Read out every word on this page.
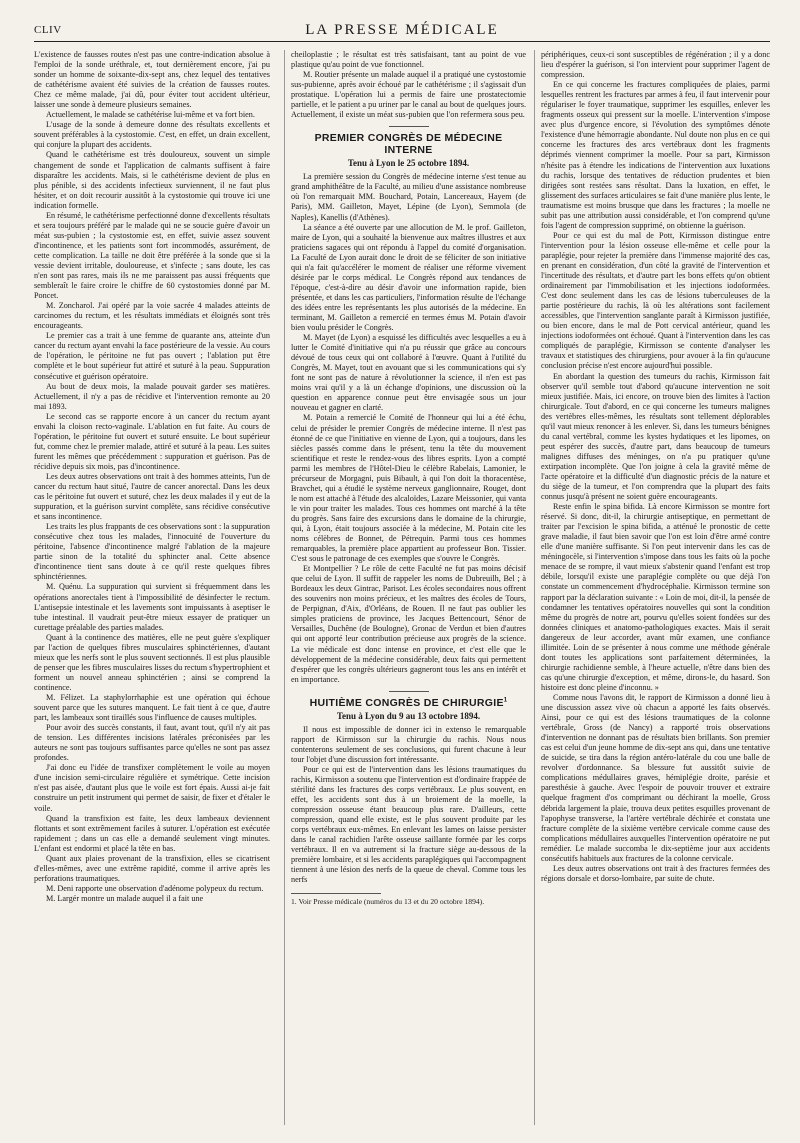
CLIV	LA PRESSE MÉDICALE

L'existence de fausses routes n'est pas une contre-indication absolue à l'emploi de la sonde uréthrale, et, tout dernièrement encore, j'ai pu sonder un homme de soixante-dix-sept ans, chez lequel des tentatives de cathétérisme avaient été suivies de la création de fausses routes. Chez ce même malade, j'ai dû, pour éviter tout accident ultérieur, laisser une sonde à demeure plusieurs semaines.

Actuellement, le malade se cathétérise lui-même et va fort bien.

L'usage de la sonde à demeure donne des résultats excellents et souvent préférables à la cystostomie. C'est, en effet, un drain excellent, qui conjure la plupart des accidents.

Quand le cathétérisme est très douloureux, souvent un simple changement de sonde et l'application de calmants suffisent à faire disparaître les accidents. Mais, si le cathétérisme devient de plus en plus pénible, si des accidents infectieux surviennent, il ne faut plus hésiter, et on doit recourir aussitôt à la cystostomie qui trouve ici une indication formelle.

En résumé, le cathétérisme perfectionné donne d'excellents résultats et sera toujours préféré par le malade qui ne se soucie guère d'avoir un méat sus-pubien ; la cystostomie est, en effet, suivie assez souvent d'incontinence, et les patients sont fort incommodés, assurément, de cette complication. La taille ne doit être préférée à la sonde que si la vessie devient irritable, douloureuse, et s'infecte ; sans doute, les cas n'en sont pas rares, mais ils ne me paraissent pas aussi fréquents que sembleraît le faire croire le chiffre de 60 cystostomies donné par M. Poncet.

M. Zoncharol. J'ai opéré par la voie sacrée 4 malades atteints de carcinomes du rectum, et les résultats immédiats et éloignés sont très encourageants.

Le premier cas a trait à une femme de quarante ans, atteinte d'un cancer du rectum ayant envahi la face postérieure de la vessie. Au cours de l'opération, le péritoine ne fut pas ouvert ; l'ablation put être complète et le bout supérieur fut attiré et suturé à la peau. Suppuration consécutive et guérison opératoire.

Au bout de deux mois, la malade pouvait garder ses matières. Actuellement, il n'y a pas de récidive et l'intervention remonte au 20 mai 1893.

Le second cas se rapporte encore à un cancer du rectum ayant envahi la cloison recto-vaginale. L'ablation en fut faite. Au cours de l'opération, le péritoine fut ouvert et suturé ensuite. Le bout supérieur fut, comme chez le premier malade, attiré et suturé à la peau. Les suites furent les mêmes que précédemment : suppuration et guérison. Pas de récidive depuis six mois, pas d'incontinence.

Les deux autres observations ont trait à des hommes atteints, l'un de cancer du rectum haut situé, l'autre de cancer anorectal. Dans les deux cas le péritoine fut ouvert et suturé, chez les deux malades il y eut de la suppuration, et la guérison survint complète, sans récidive consécutive et sans incontinence.

Les traits les plus frappants de ces observations sont : la suppuration consécutive chez tous les malades, l'innocuité de l'ouverture du péritoine, l'absence d'incontinence malgré l'ablation de la majeure partie sinon de la totalité du sphincter anal. Cette absence d'incontinence tient sans doute à ce qu'il reste quelques fibres sphinctériennes.

M. Quénu. La suppuration qui survient si fréquemment dans les opérations anorectales tient à l'impossibilité de désinfecter le rectum. L'antisepsie intestinale et les lavements sont impuissants à aseptiser le tube intestinal. Il vaudrait peut-être mieux essayer de pratiquer un curettage préalable des parties malades.

Quant à la continence des matières, elle ne peut guère s'expliquer par l'action de quelques fibres musculaires sphinctériennes, d'autant mieux que les nerfs sont le plus souvent sectionnés. Il est plus plausible de penser que les fibres musculaires lisses du rectum s'hypertrophient et forment un nouvel anneau sphinctérien ; ainsi se comprend la continence.

M. Félizet. La staphylorrhaphie est une opération qui échoue souvent parce que les sutures manquent. Le fait tient à ce que, d'autre part, les lambeaux sont tiraillés sous l'influence de causes multiples.

Pour avoir des succès constants, il faut, avant tout, qu'il n'y ait pas de tension. Les différentes incisions latérales préconisées par les auteurs ne sont pas toujours suffisantes parce qu'elles ne sont pas assez profondes.

J'ai donc eu l'idée de transfixer complètement le voile au moyen d'une incision semi-circulaire régulière et symétrique. Cette incision n'est pas aisée, d'autant plus que le voile est fort épais. Aussi ai-je fait construire un petit instrument qui permet de saisir, de fixer et d'étaler le voile.

Quand la transfixion est faite, les deux lambeaux deviennent flottants et sont extrêmement faciles à suturer. L'opération est exécutée rapidement ; dans un cas elle a demandé seulement vingt minutes. L'enfant est endormi et placé la tête en bas.

Quant aux plaies provenant de la transfixion, elles se cicatrisent d'elles-mêmes, avec une extrême rapidité, comme il arrive après les perforations traumatiques.

M. Deni rapporte une observation d'adénome polypeux du rectum.

M. Largér montre un malade auquel il a fait une

cheiloplastie ; le résultat est très satisfaisant, tant au point de vue plastique qu'au point de vue fonctionnel.

M. Routier présente un malade auquel il a pratiqué une cystostomie sus-pubienne, après avoir échoué par le cathétérisme ; il s'agissait d'un prostatique. L'opération lui a permis de faire une prostatectomie partielle, et le patient a pu uriner par le canal au bout de quelques jours. Actuellement, il existe un méat sus-pubien que l'on refermera sous peu.

PREMIER CONGRÈS DE MÉDECINE INTERNE
Tenu à Lyon le 25 octobre 1894.

La première session du Congrès de médecine interne s'est tenue au grand amphithéâtre de la Faculté, au milieu d'une assistance nombreuse où l'on remarquait MM. Bouchard, Potain, Lancereaux, Hayem (de Paris), MM. Gailleton, Mayet, Lépine (de Lyon), Semmola (de Naples), Kanellis (d'Athènes).

La séance a été ouverte par une allocution de M. le prof. Gailleton, maire de Lyon, qui a souhaité la bienvenue aux maîtres illustres et aux praticiens sagaces qui ont répondu à l'appel du comité d'organisation. La Faculté de Lyon aurait donc le droit de se féliciter de son initiative qui n'a fait qu'accélérer le moment de réaliser une réforme vivement désirée par le corps médical. Le Congrès répond aux tendances de l'époque, c'est-à-dire au désir d'avoir une information rapide, bien présentée, et dans les cas particuliers, l'information résulte de l'échange des idées entre les représentants les plus autorisés de la médecine. En terminant, M. Gailleton a remercié en termes émus M. Potain d'avoir bien voulu présider le Congrès.

M. Mayet (de Lyon) a esquissé les difficultés avec lesquelles a eu à lutter le Comité d'initiative qui n'a pu réussir que grâce au concours dévoué de tous ceux qui ont collaboré à l'œuvre. Quant à l'utilité du Congrès, M. Mayet, tout en avouant que si les communications qui s'y font ne sont pas de nature à révolutionner la science, il n'en est pas moins vrai qu'il y a là un échange d'opinions, une discussion où la question en apparence connue peut être envisagée sous un jour nouveau et gagner en clarté.

M. Potain a remercié le Comité de l'honneur qui lui a été échu, celui de présider le premier Congrès de médecine interne. Il n'est pas étonné de ce que l'initiative en vienne de Lyon, qui a toujours, dans les siècles passés comme dans le présent, tenu la tête du mouvement scientifique et reste le rendez-vous des libres esprits. Lyon a compté parmi les membres de l'Hôtel-Dieu le célèbre Rabelais, Lamonier, le précurseur de Morgagni, puis Bibault, à qui l'on doit la thoracentèse, Bravchet, qui a étudié le système nerveux ganglionnaire, Rouget, dont le nom est attaché à l'étude des alcaloïdes, Lazare Meissonier, qui vanta le vin pour traiter les malades. Tous ces hommes ont marché à la tête du progrès. Sans faire des excursions dans le domaine de la chirurgie, qui, à Lyon, était toujours associée à la médecine, M. Potain cite les noms célèbres de Bonnet, de Pétrequin. Parmi tous ces hommes remarquables, la première place appartient au professeur Bon. Tissier. C'est sous le patronage de ces exemples que s'ouvre le Congrès.

Et Montpellier ? Le rôle de cette Faculté ne fut pas moins décisif que celui de Lyon. Il suffit de rappeler les noms de Dubreuilh, Bel ; à Bordeaux les deux Gintrac, Parisot. Les écoles secondaires nous offrent des souvenirs non moins précieux, et les maîtres des écoles de Tours, de Perpignan, d'Aix, d'Orléans, de Rouen. Il ne faut pas oublier les simples praticiens de province, les Jacques Bettencourt, Sénor de Versailles, Duchêne (de Boulogne), Gronac de Verdun et bien d'autres qui ont apporté leur contribution précieuse aux progrès de la science. La vie médicale est donc intense en province, et c'est elle que le développement de la médecine considérable, deux faits qui permettent d'espérer que les congrès ultérieurs gagneront tous les ans en intérêt et en importance.

HUITIÈME CONGRÈS DE CHIRURGIE$^1$
Tenu à Lyon du 9 au 13 octobre 1894.

Il nous est impossible de donner ici in extenso le remarquable rapport de Kirmisson sur la chirurgie du rachis. Nous nous contenterons seulement de ses conclusions, qui furent chacune à leur tour l'objet d'une discussion fort intéressante.

Pour ce qui est de l'intervention dans les lésions traumatiques du rachis, Kirmisson a soutenu que l'intervention est d'ordinaire frappée de stérilité dans les fractures des corps vertébraux. Le plus souvent, en effet, les accidents sont dus à un broiement de la moelle, la compression osseuse étant beaucoup plus rare. D'ailleurs, cette compression, quand elle existe, est le plus souvent produite par les corps vertébraux eux-mêmes. En enlevant les lames on laisse persister dans le canal rachidien l'arête osseuse saillante formée par les corps vertébraux. Il en va autrement si la fracture siège au-dessous de la première lombaire, et si les accidents paraplégiques qui l'accompagnent tiennent à une lésion des nerfs de la queue de cheval. Comme tous les nerfs

1. Voir Presse médicale (numéros du 13 et du 20 octobre 1894).

périphériques, ceux-ci sont susceptibles de régénération ; il y a donc lieu d'espérer la guérison, si l'on intervient pour supprimer l'agent de compression.

En ce qui concerne les fractures compliquées de plaies, parmi lesquelles rentrent les fractures par armes à feu, il faut intervenir pour régulariser le foyer traumatique, supprimer les esquilles, enlever les fragments osseux qui pressent sur la moelle. L'intervention s'impose avec plus d'urgence encore, si l'évolution des symptômes dénote l'existence d'une hémorragie abondante. Nul doute non plus en ce qui concerne les fractures des arcs vertébraux dont les fragments déprimés viennent comprimer la moelle. Pour sa part, Kirmisson n'hésite pas à étendre les indications de l'intervention aux luxations du rachis, lorsque des tentatives de réduction prudentes et bien dirigées sont restées sans résultat. Dans la luxation, en effet, le glissement des surfaces articulaires se fait d'une manière plus lente, le traumatisme est moins brusque que dans les fractures ; la moelle ne subit pas une attribution aussi considérable, et l'on comprend qu'une fois l'agent de compression supprimé, on obtienne la guérison.

Pour ce qui est du mal de Pott, Kirmisson distingue entre l'intervention pour la lésion osseuse elle-même et celle pour la paraplégie, pour rejeter la première dans l'immense majorité des cas, en prenant en considération, d'un côté la gravité de l'intervention et l'incertitude des résultats, et d'autre part les bons effets qu'on obtient ordinairement par l'immobilisation et les injections iodoformées. C'est donc seulement dans les cas de lésions tuberculeuses de la partie postérieure du rachis, là où les altérations sont facilement accessibles, que l'intervention sanglante paraît à Kirmisson justifiée, ou bien encore, dans le mal de Pott cervical antérieur, quand les injections iodoformées ont échoué. Quant à l'intervention dans les cas compliqués de paraplégie, Kirmisson se contente d'analyser les travaux et statistiques des chirurgiens, pour avouer à la fin qu'aucune conclusion précise n'est encore aujourd'hui possible.

En abordant la question des tumeurs du rachis, Kirmisson fait observer qu'il semble tout d'abord qu'aucune intervention ne soit mieux justifiée. Mais, ici encore, on trouve bien des limites à l'action chirurgicale. Tout d'abord, en ce qui concerne les tumeurs malignes des vertèbres elles-mêmes, les résultats sont tellement déplorables qu'il vaut mieux renoncer à les enlever. Si, dans les tumeurs bénignes du canal vertébral, comme les kystes hydatiques et les lipomes, on peut espérer des succès, d'autre part, dans beaucoup de tumeurs malignes diffuses des méninges, on n'a pu pratiquer qu'une extirpation incomplète. Que l'on joigne à cela la gravité même de l'acte opératoire et la difficulté d'un diagnostic précis de la nature et du siège de la tumeur, et l'on comprendra que la plupart des faits connus jusqu'à présent ne soient guère encourageants.

Reste enfin le spina bifida. Là encore Kirmisson se montre fort réservé. Si donc, dit-il, la chirurgie antiseptique, en permettant de traiter par l'excision le spina bifida, a atténué le pronostic de cette grave maladie, il faut bien savoir que l'on est loin d'être armé contre elle d'une manière suffisante. Si l'on peut intervenir dans les cas de méningocèle, si l'intervention s'impose dans tous les faits où la poche menace de se rompre, il vaut mieux s'abstenir quand l'enfant est trop débile, lorsqu'il existe une paraplégie complète ou que déjà l'on constate un commencement d'hydrocéphalie. Kirmisson termine son rapport par la déclaration suivante : « Loin de moi, dit-il, la pensée de condamner les tentatives opératoires nouvelles qui sont la condition même du progrès de notre art, pourvu qu'elles soient fondées sur des données cliniques et anatomo-pathologiques exactes. Mais il serait dangereux de leur accorder, avant mûr examen, une confiance illimitée. Loin de se présenter à nous comme une méthode générale dont toutes les applications sont parfaitement déterminées, la chirurgie rachidienne semble, à l'heure actuelle, n'être dans bien des cas qu'une chirurgie d'exception, et même, dirons-le, du hasard. Son histoire est donc pleine d'inconnu. »

Comme nous l'avons dit, le rapport de Kirmisson a donné lieu à une discussion assez vive où chacun a apporté les faits observés. Ainsi, pour ce qui est des lésions traumatiques de la colonne vertébrale, Gross (de Nancy) a rapporté trois observations d'intervention ne donnant pas de résultats bien brillants. Son premier cas est celui d'un jeune homme de dix-sept ans qui, dans une tentative de suicide, se tira dans la région antéro-latérale du cou une balle de revolver d'ordonnance. Sa blessure fut aussitôt suivie de complications médullaires graves, hémiplégie droite, parésie et paresthésie à gauche. Avec l'espoir de pouvoir trouver et extraire quelque fragment d'os comprimant ou déchirant la moelle, Gross débrida largement la plaie, trouva deux petites esquilles provenant de l'apophyse transverse, la l'artère vertébrale déchirée et constata une fracture complète de la sixième vertèbre cervicale comme cause des complications médullaires auxquelles l'intervention opératoire ne put remédier. Le malade succomba le dix-septième jour aux accidents consécutifs habituels aux fractures de la colonne cervicale.

Les deux autres observations ont trait à des fractures fermées des régions dorsale et dorso-lombaire, par suite de chute.
